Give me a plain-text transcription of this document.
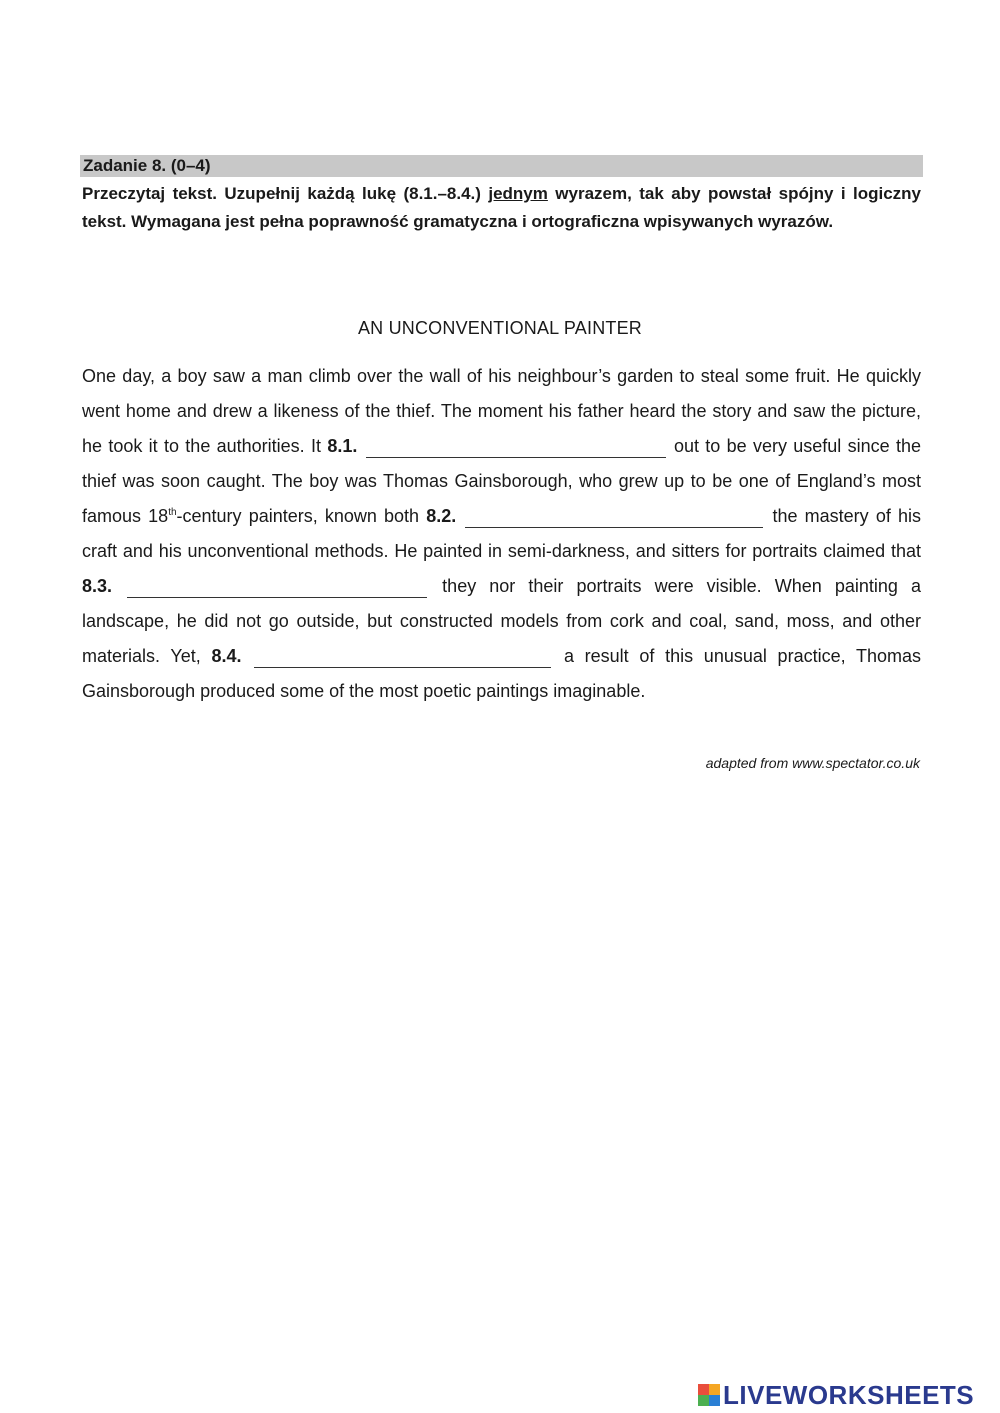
Zadanie 8. (0–4)
Przeczytaj tekst. Uzupełnij każdą lukę (8.1.–8.4.) jednym wyrazem, tak aby powstał spójny i logiczny tekst. Wymagana jest pełna poprawność gramatyczna i ortograficzna wpisywanych wyrazów.
AN UNCONVENTIONAL PAINTER

One day, a boy saw a man climb over the wall of his neighbour’s garden to steal some fruit. He quickly went home and drew a likeness of the thief. The moment his father heard the story and saw the picture, he took it to the authorities. It 8.1.	out to be very useful since the thief was soon caught. The boy was Thomas Gainsborough, who grew up to be one of England’s most famous 18th-century painters, known both 8.2.	the mastery of his craft and his unconventional methods. He painted in semi-darkness, and sitters for portraits claimed that 8.3.	they nor their portraits were visible. When painting a landscape, he did not go outside, but constructed models from cork and coal, sand, moss, and other materials. Yet, 8.4.	a result of this unusual practice, Thomas Gainsborough produced some of the most poetic paintings imaginable.

adapted from www.spectator.co.uk
LIVEWORKSHEETS
